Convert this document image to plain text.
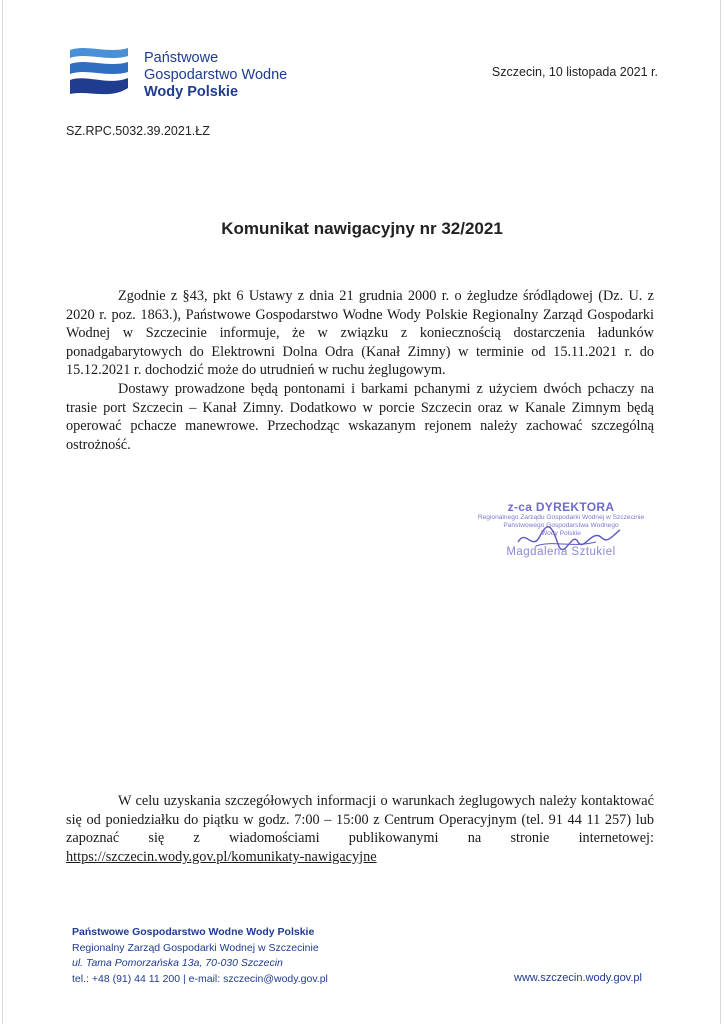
Państwowe
Gospodarstwo Wodne
Wody Polskie
Szczecin, 10 listopada 2021 r.
SZ.RPC.5032.39.2021.ŁZ
Komunikat nawigacyjny nr 32/2021

Zgodnie z §43, pkt 6 Ustawy z dnia 21 grudnia 2000 r. o żegludze śródlądowej (Dz. U. z 2020 r. poz. 1863.), Państwowe Gospodarstwo Wodne Wody Polskie Regionalny Zarząd Gospodarki Wodnej w Szczecinie informuje, że w związku z koniecznością dostarczenia ładunków ponadgabarytowych do Elektrowni Dolna Odra (Kanał Zimny) w terminie od 15.11.2021 r. do 15.12.2021 r. dochodzić może do utrudnień w ruchu żeglugowym.

Dostawy prowadzone będą pontonami i barkami pchanymi z użyciem dwóch pchaczy na trasie port Szczecin – Kanał Zimny. Dodatkowo w porcie Szczecin oraz w Kanale Zimnym będą operować pchacze manewrowe. Przechodząc wskazanym rejonem należy zachować szczególną ostrożność.

z-ca DYREKTORA
Regionalnego Zarządu Gospodarki Wodnej w Szczecinie
Państwowego Gospodarstwa Wodnego
Wody Polskie
Magdalena Sztukiel

W celu uzyskania szczegółowych informacji o warunkach żeglugowych należy kontaktować się od poniedziałku do piątku w godz. 7:00 – 15:00 z Centrum Operacyjnym (tel. 91 44 11 257) lub zapoznać się z wiadomościami publikowanymi na stronie internetowej: https://szczecin.wody.gov.pl/komunikaty-nawigacyjne

Państwowe Gospodarstwo Wodne Wody Polskie
Regionalny Zarząd Gospodarki Wodnej w Szczecinie
ul. Tama Pomorzańska 13a, 70-030 Szczecin
tel.: +48 (91) 44 11 200 | e-mail: szczecin@wody.gov.pl	www.szczecin.wody.gov.pl
